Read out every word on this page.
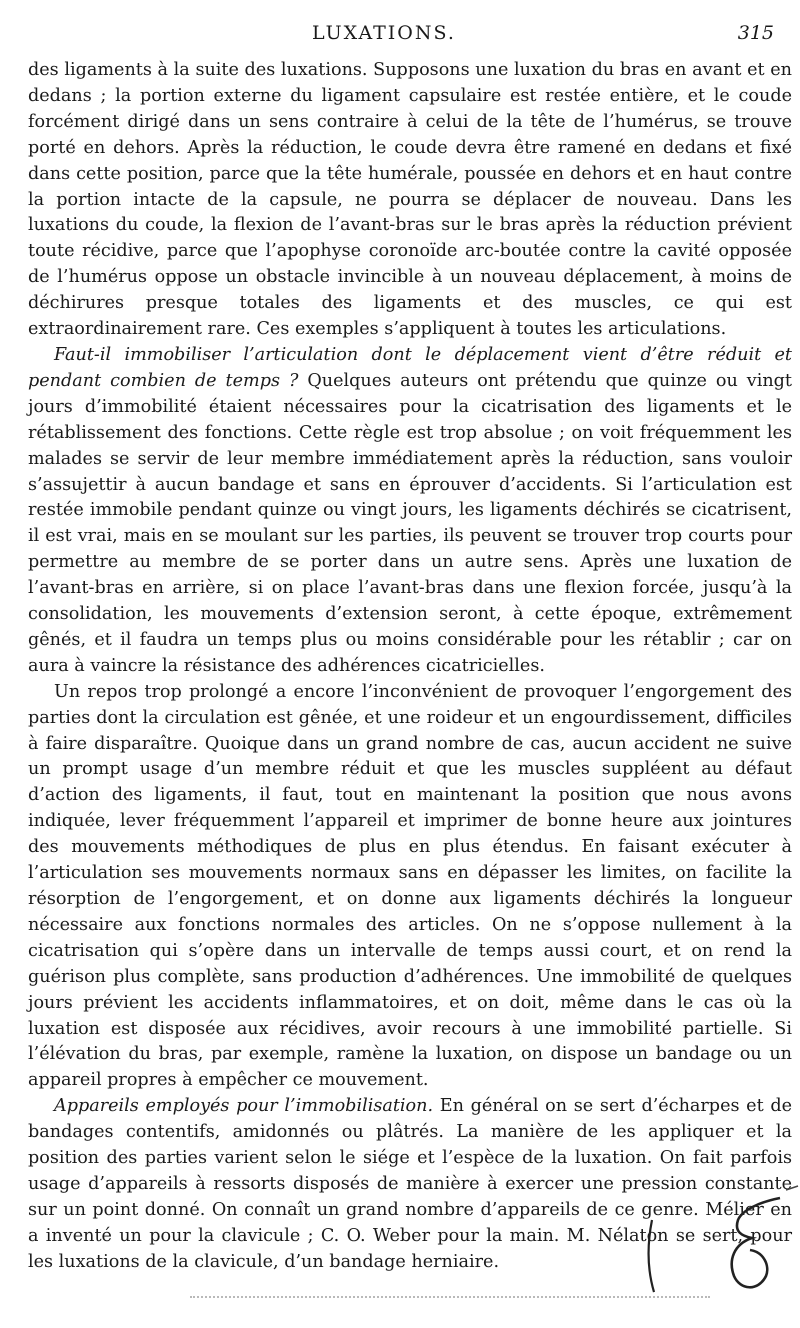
LUXATIONS.	315

des ligaments à la suite des luxations. Supposons une luxation du bras en avant et en dedans ; la portion externe du ligament capsulaire est restée entière, et le coude forcément dirigé dans un sens contraire à celui de la tête de l’humérus, se trouve porté en dehors. Après la réduction, le coude devra être ramené en dedans et fixé dans cette position, parce que la tête humérale, poussée en dehors et en haut contre la portion intacte de la capsule, ne pourra se déplacer de nouveau. Dans les luxations du coude, la flexion de l’avant-bras sur le bras après la réduction prévient toute récidive, parce que l’apophyse coronoïde arc-boutée contre la cavité opposée de l’humérus oppose un obstacle invincible à un nouveau déplacement, à moins de déchirures presque totales des ligaments et des muscles, ce qui est extraordinairement rare. Ces exemples s’appliquent à toutes les articulations.

Faut-il immobiliser l’articulation dont le déplacement vient d’être réduit et pendant combien de temps ? Quelques auteurs ont prétendu que quinze ou vingt jours d’immobilité étaient nécessaires pour la cicatrisation des ligaments et le rétablissement des fonctions. Cette règle est trop absolue ; on voit fréquemment les malades se servir de leur membre immédiatement après la réduction, sans vouloir s’assujettir à aucun bandage et sans en éprouver d’accidents. Si l’articulation est restée immobile pendant quinze ou vingt jours, les ligaments déchirés se cicatrisent, il est vrai, mais en se moulant sur les parties, ils peuvent se trouver trop courts pour permettre au membre de se porter dans un autre sens. Après une luxation de l’avant-bras en arrière, si on place l’avant-bras dans une flexion forcée, jusqu’à la consolidation, les mouvements d’extension seront, à cette époque, extrêmement gênés, et il faudra un temps plus ou moins considérable pour les rétablir ; car on aura à vaincre la résistance des adhérences cicatricielles.

Un repos trop prolongé a encore l’inconvénient de provoquer l’engorgement des parties dont la circulation est gênée, et une roideur et un engourdissement, difficiles à faire disparaître. Quoique dans un grand nombre de cas, aucun accident ne suive un prompt usage d’un membre réduit et que les muscles suppléent au défaut d’action des ligaments, il faut, tout en maintenant la position que nous avons indiquée, lever fréquemment l’appareil et imprimer de bonne heure aux jointures des mouvements méthodiques de plus en plus étendus. En faisant exécuter à l’articulation ses mouvements normaux sans en dépasser les limites, on facilite la résorption de l’engorgement, et on donne aux ligaments déchirés la longueur nécessaire aux fonctions normales des articles. On ne s’oppose nullement à la cicatrisation qui s’opère dans un intervalle de temps aussi court, et on rend la guérison plus complète, sans production d’adhérences. Une immobilité de quelques jours prévient les accidents inflammatoires, et on doit, même dans le cas où la luxation est disposée aux récidives, avoir recours à une immobilité partielle. Si l’élévation du bras, par exemple, ramène la luxation, on dispose un bandage ou un appareil propres à empêcher ce mouvement.

Appareils employés pour l’immobilisation. En général on se sert d’écharpes et de bandages contentifs, amidonnés ou plâtrés. La manière de les appliquer et la position des parties varient selon le siége et l’espèce de la luxation. On fait parfois usage d’appareils à ressorts disposés de manière à exercer une pression constante sur un point donné. On connaît un grand nombre d’appareils de ce genre. Mélier en a inventé un pour la clavicule ; C. O. Weber pour la main. M. Nélaton se sert, pour les luxations de la clavicule, d’un bandage herniaire.
